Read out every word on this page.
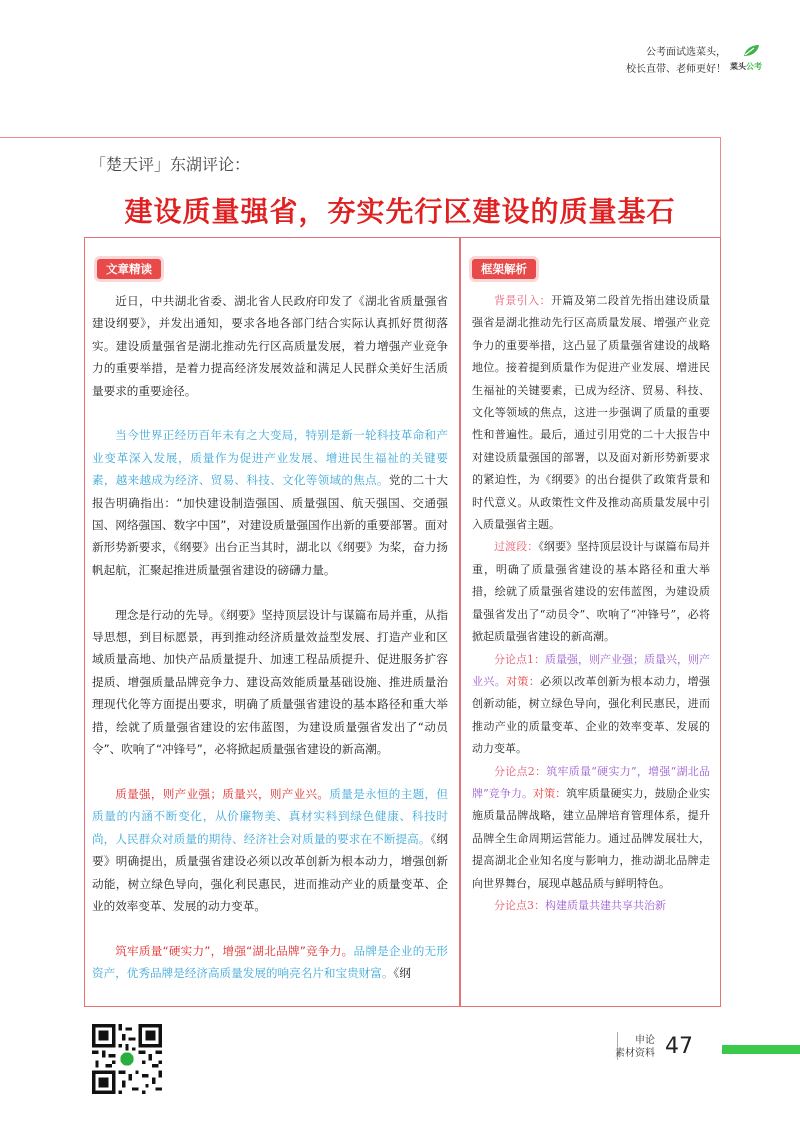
公考面试选菜头，
校长直带、老师更好！ 菜头公考
「楚天评」东湖评论：
建设质量强省，夯实先行区建设的质量基石
文章精读	框架解析

近日，中共湖北省委、湖北省人民政府印发了《湖北省质量强省建设纲要》，并发出通知，要求各地各部门结合实际认真抓好贯彻落实。建设质量强省是湖北推动先行区高质量发展，着力增强产业竞争力的重要举措，是着力提高经济发展效益和满足人民群众美好生活质量要求的重要途径。

当今世界正经历百年未有之大变局，特别是新一轮科技革命和产业变革深入发展，质量作为促进产业发展、增进民生福祉的关键要素，越来越成为经济、贸易、科技、文化等领域的焦点。党的二十大报告明确指出：“加快建设制造强国、质量强国、航天强国、交通强国、网络强国、数字中国”，对建设质量强国作出新的重要部署。面对新形势新要求，《纲要》出台正当其时，湖北以《纲要》为桨，奋力扬帆起航，汇聚起推进质量强省建设的磅礴力量。

理念是行动的先导。《纲要》坚持顶层设计与谋篇布局并重，从指导思想，到目标愿景，再到推动经济质量效益型发展、打造产业和区域质量高地、加快产品质量提升、加速工程品质提升、促进服务扩容提质、增强质量品牌竞争力、建设高效能质量基础设施、推进质量治理现代化等方面提出要求，明确了质量强省建设的基本路径和重大举措，绘就了质量强省建设的宏伟蓝图，为建设质量强省发出了“动员令”、吹响了“冲锋号”，必将掀起质量强省建设的新高潮。

质量强，则产业强；质量兴，则产业兴。质量是永恒的主题，但质量的内涵不断变化，从价廉物美、真材实料到绿色健康、科技时尚，人民群众对质量的期待、经济社会对质量的要求在不断提高。《纲要》明确提出，质量强省建设必须以改革创新为根本动力，增强创新动能，树立绿色导向，强化利民惠民，进而推动产业的质量变革、企业的效率变革、发展的动力变革。

筑牢质量“硬实力”，增强“湖北品牌”竞争力。品牌是企业的无形资产，优秀品牌是经济高质量发展的响亮名片和宝贵财富。《纲

背景引入：开篇及第二段首先指出建设质量强省是湖北推动先行区高质量发展、增强产业竞争力的重要举措，这凸显了质量强省建设的战略地位。接着提到质量作为促进产业发展、增进民生福祉的关键要素，已成为经济、贸易、科技、文化等领域的焦点，这进一步强调了质量的重要性和普遍性。最后，通过引用党的二十大报告中对建设质量强国的部署，以及面对新形势新要求的紧迫性，为《纲要》的出台提供了政策背景和时代意义。从政策性文件及推动高质量发展中引入质量强省主题。

过渡段：《纲要》坚持顶层设计与谋篇布局并重，明确了质量强省建设的基本路径和重大举措，绘就了质量强省建设的宏伟蓝图，为建设质量强省发出了“动员令”、吹响了“冲锋号”，必将掀起质量强省建设的新高潮。

分论点1：质量强，则产业强；质量兴，则产业兴。对策：必须以改革创新为根本动力，增强创新动能，树立绿色导向，强化利民惠民，进而推动产业的质量变革、企业的效率变革、发展的动力变革。

分论点2：筑牢质量“硬实力”，增强“湖北品牌”竞争力。对策：筑牢质量硬实力，鼓励企业实施质量品牌战略，建立品牌培育管理体系，提升品牌全生命周期运营能力。通过品牌发展壮大，提高湖北企业知名度与影响力，推动湖北品牌走向世界舞台，展现卓越品质与鲜明特色。

分论点3：构建质量共建共享共治新

申论
素材资料 47
